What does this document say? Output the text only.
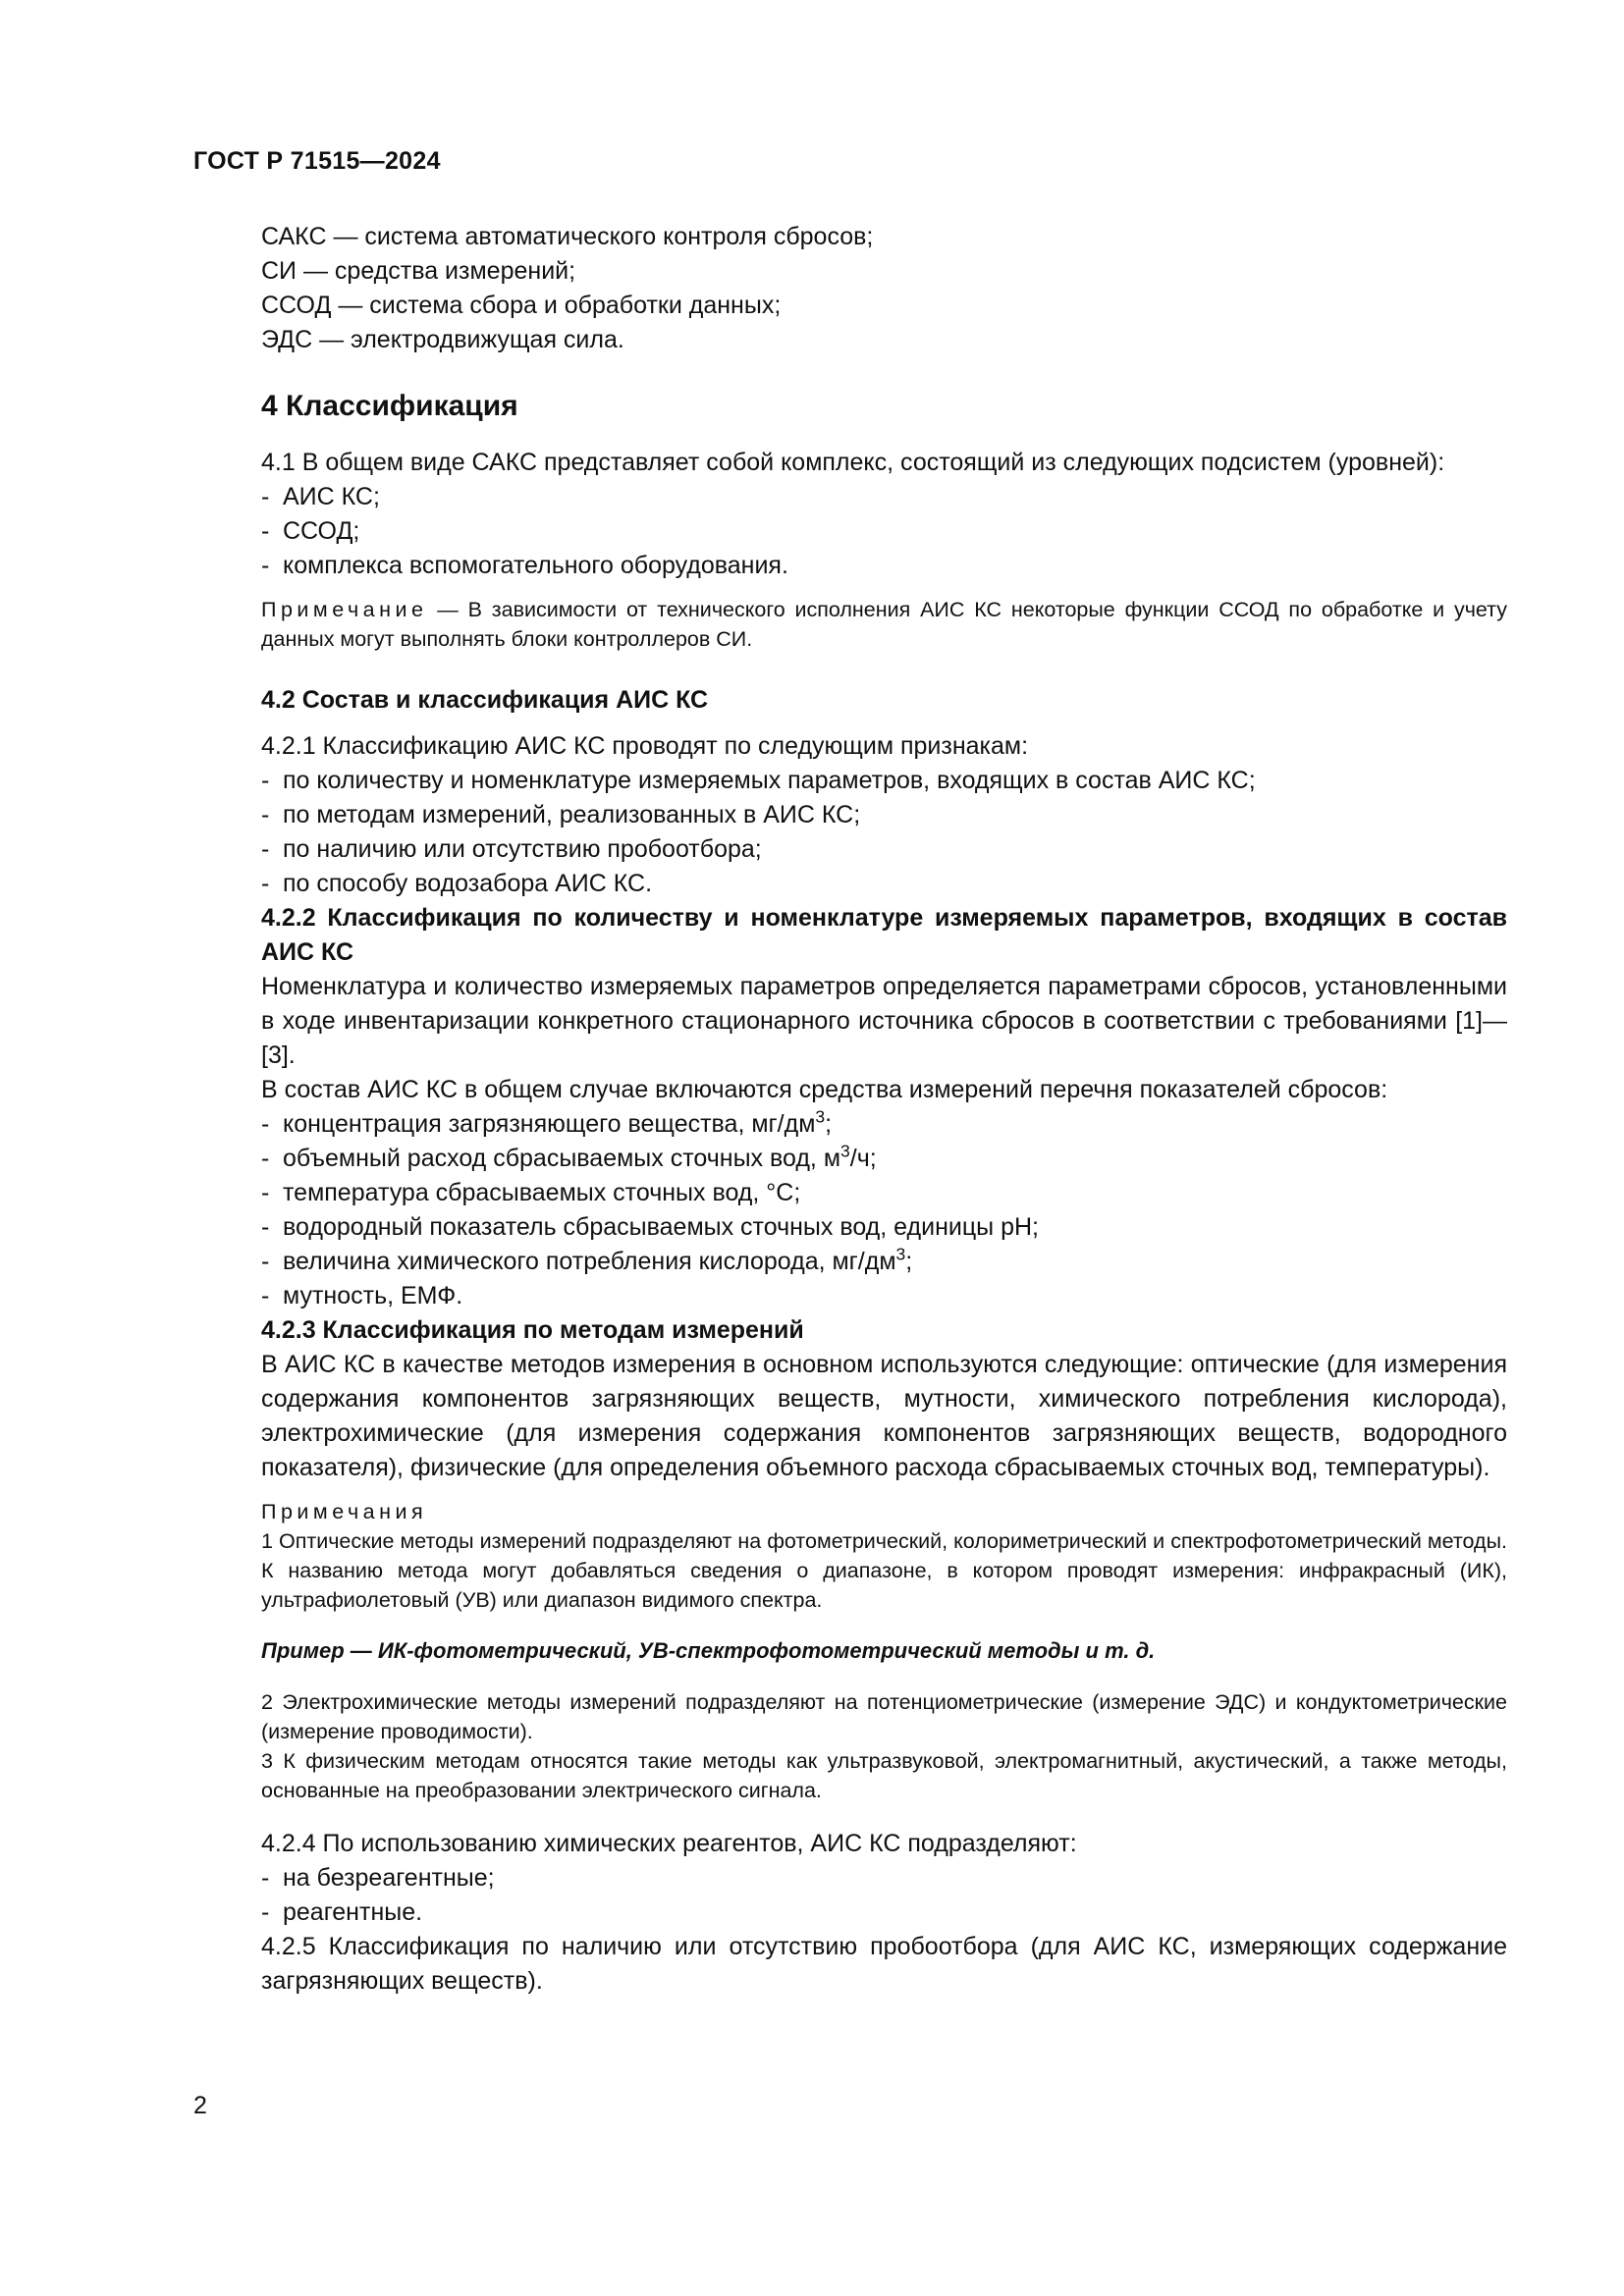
ГОСТ Р 71515—2024

САКС — система автоматического контроля сбросов;

СИ — средства измерений;

ССОД — система сбора и обработки данных;

ЭДС — электродвижущая сила.

4 Классификация

4.1 В общем виде САКС представляет собой комплекс, состоящий из следующих подсистем (уровней):

- АИС КС;
- ССОД;
- комплекса вспомогательного оборудования.

Примечание — В зависимости от технического исполнения АИС КС некоторые функции ССОД по обработке и учету данных могут выполнять блоки контроллеров СИ.

4.2 Состав и классификация АИС КС

4.2.1 Классификацию АИС КС проводят по следующим признакам:

- по количеству и номенклатуре измеряемых параметров, входящих в состав АИС КС;
- по методам измерений, реализованных в АИС КС;
- по наличию или отсутствию пробоотбора;
- по способу водозабора АИС КС.

4.2.2 Классификация по количеству и номенклатуре измеряемых параметров, входящих в состав АИС КС

Номенклатура и количество измеряемых параметров определяется параметрами сбросов, установленными в ходе инвентаризации конкретного стационарного источника сбросов в соответствии с требованиями [1]—[3].

В состав АИС КС в общем случае включаются средства измерений перечня показателей сбросов:

- концентрация загрязняющего вещества, $мг/дм^3$;
- объемный расход сбрасываемых сточных вод, $м^3/ч$;
- температура сбрасываемых сточных вод, °С;
- водородный показатель сбрасываемых сточных вод, единицы рН;
- величина химического потребления кислорода, $мг/дм^3$;
- мутность, ЕМФ.

4.2.3 Классификация по методам измерений

В АИС КС в качестве методов измерения в основном используются следующие: оптические (для измерения содержания компонентов загрязняющих веществ, мутности, химического потребления кислорода), электрохимические (для измерения содержания компонентов загрязняющих веществ, водородного показателя), физические (для определения объемного расхода сбрасываемых сточных вод, температуры).

Примечания

1 Оптические методы измерений подразделяют на фотометрический, колориметрический и спектрофотометрический методы. К названию метода могут добавляться сведения о диапазоне, в котором проводят измерения: инфракрасный (ИК), ультрафиолетовый (УВ) или диапазон видимого спектра.

Пример — ИК-фотометрический, УВ-спектрофотометрический методы и т. д.

2 Электрохимические методы измерений подразделяют на потенциометрические (измерение ЭДС) и кондуктометрические (измерение проводимости).

3 К физическим методам относятся такие методы как ультразвуковой, электромагнитный, акустический, а также методы, основанные на преобразовании электрического сигнала.

4.2.4 По использованию химических реагентов, АИС КС подразделяют:

- на безреагентные;
- реагентные.

4.2.5 Классификация по наличию или отсутствию пробоотбора (для АИС КС, измеряющих содержание загрязняющих веществ).

2
